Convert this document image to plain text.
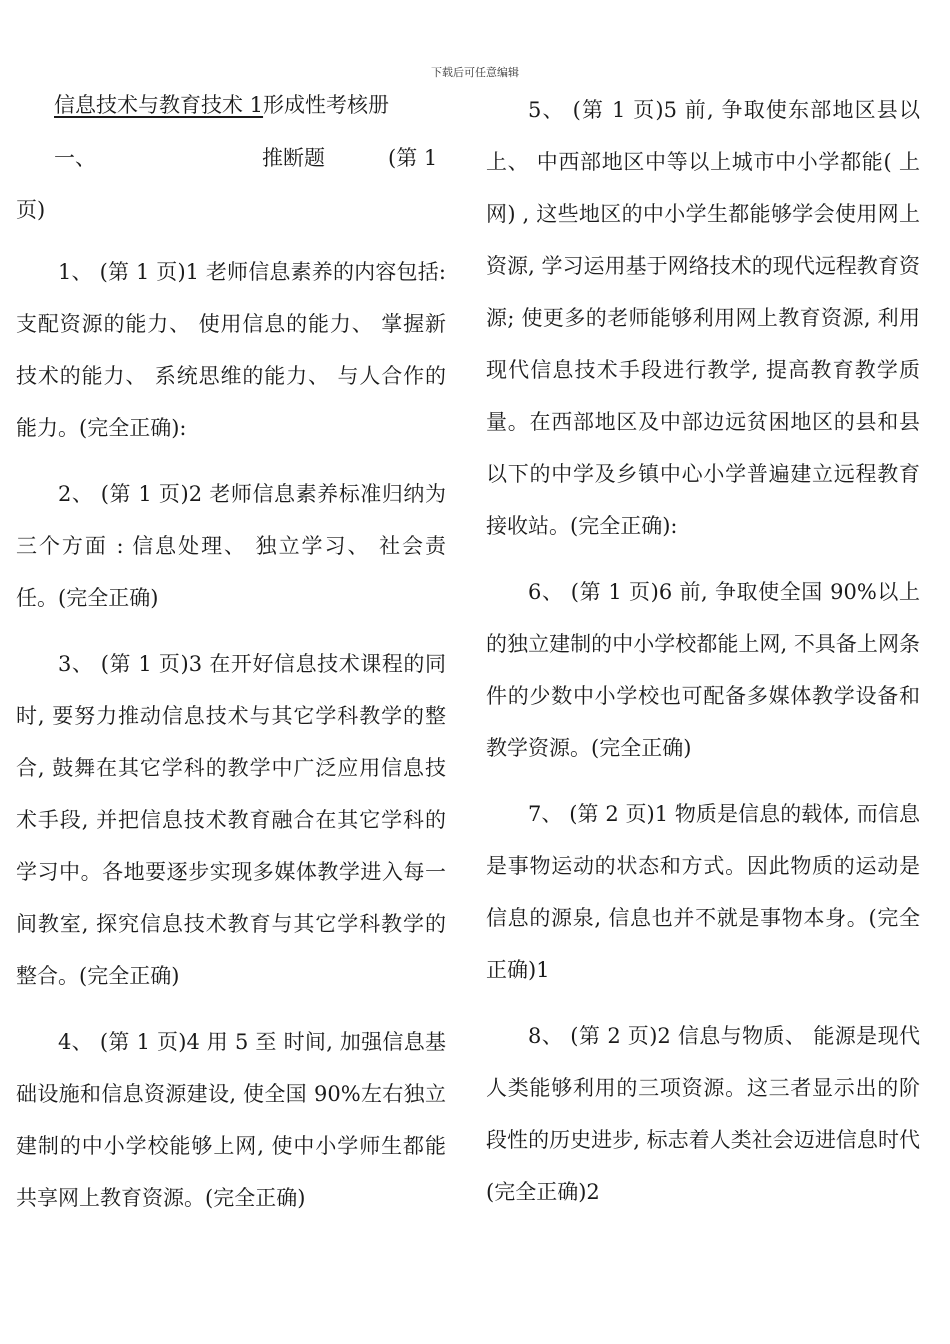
下载后可任意编辑
信息技术与教育技术 1形成性考核册
一、	推断题	(第 1
页)

1、 (第 1 页)1 老师信息素养的内容包括: 支配资源的能力、 使用信息的能力、 掌握新技术的能力、 系统思维的能力、 与人合作的能力。(完全正确):

2、 (第 1 页)2 老师信息素养标准归纳为三个方面 : 信息处理、 独立学习、 社会责任。(完全正确)

3、 (第 1 页)3 在开好信息技术课程的同时, 要努力推动信息技术与其它学科教学的整合, 鼓舞在其它学科的教学中广泛应用信息技术手段, 并把信息技术教育融合在其它学科的学习中。各地要逐步实现多媒体教学进入每一间教室, 探究信息技术教育与其它学科教学的整合。(完全正确)

4、 (第 1 页)4 用 5 至 时间, 加强信息基础设施和信息资源建设, 使全国 90%左右独立建制的中小学校能够上网, 使中小学师生都能共享网上教育资源。(完全正确)

5、 (第 1 页)5 前, 争取使东部地区县以上、 中西部地区中等以上城市中小学都能( 上网) , 这些地区的中小学生都能够学会使用网上资源, 学习运用基于网络技术的现代远程教育资源; 使更多的老师能够利用网上教育资源, 利用现代信息技术手段进行教学, 提高教育教学质量。在西部地区及中部边远贫困地区的县和县以下的中学及乡镇中心小学普遍建立远程教育接收站。(完全正确):

6、 (第 1 页)6 前, 争取使全国 90%以上的独立建制的中小学校都能上网, 不具备上网条件的少数中小学校也可配备多媒体教学设备和教学资源。(完全正确)

7、 (第 2 页)1 物质是信息的载体, 而信息是事物运动的状态和方式。因此物质的运动是信息的源泉, 信息也并不就是事物本身。(完全正确)1

8、 (第 2 页)2 信息与物质、 能源是现代人类能够利用的三项资源。这三者显示出的阶段性的历史进步, 标志着人类社会迈进信息时代(完全正确)2
